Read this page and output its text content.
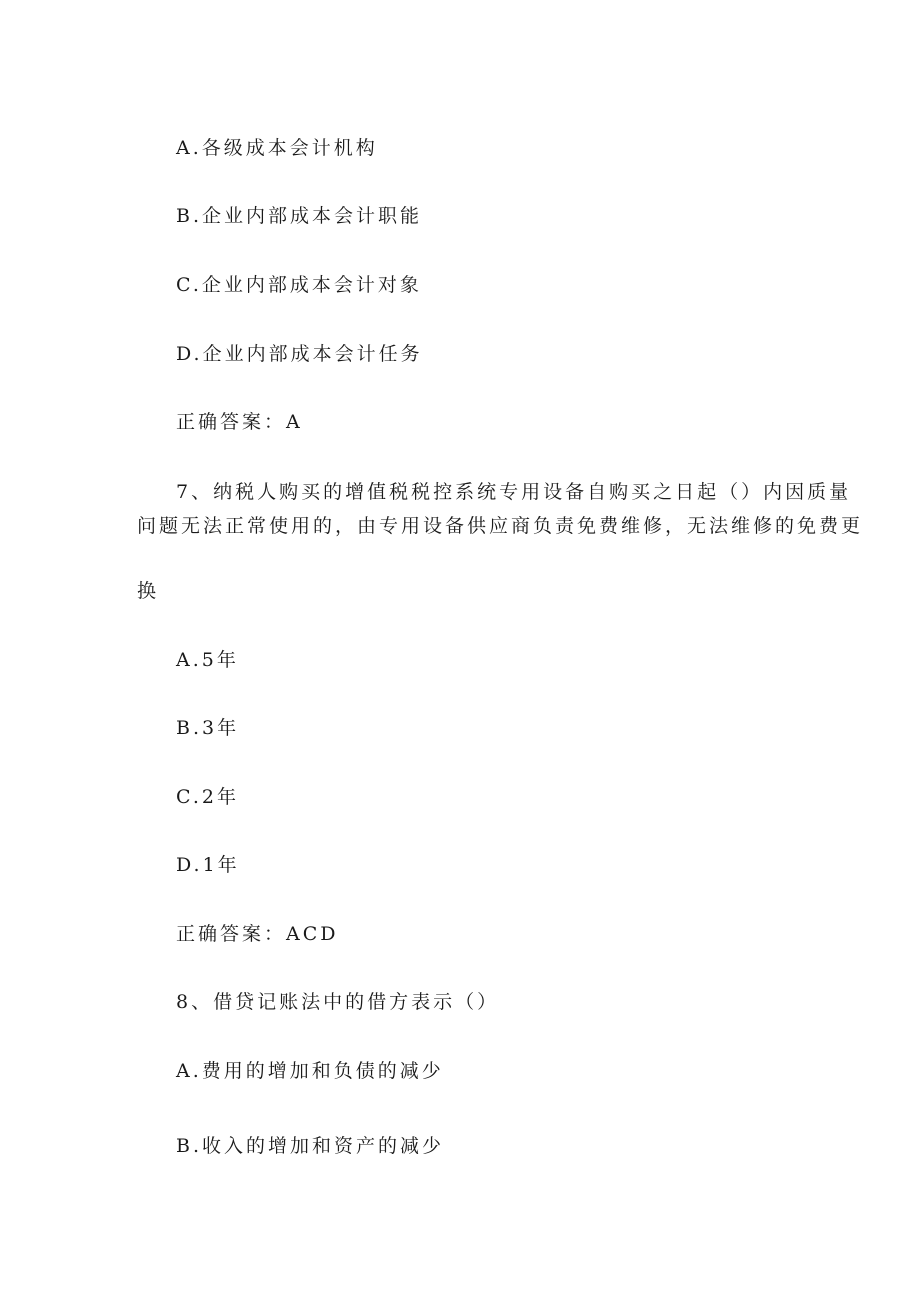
A.各级成本会计机构
B.企业内部成本会计职能
C.企业内部成本会计对象
D.企业内部成本会计任务
正确答案：A
7、纳税人购买的增值税税控系统专用设备自购买之日起（）内因质量
问题无法正常使用的，由专用设备供应商负责免费维修，无法维修的免费更
换
A.5年
B.3年
C.2年
D.1年
正确答案：ACD
8、借贷记账法中的借方表示（）
A.费用的增加和负债的减少
B.收入的增加和资产的减少
